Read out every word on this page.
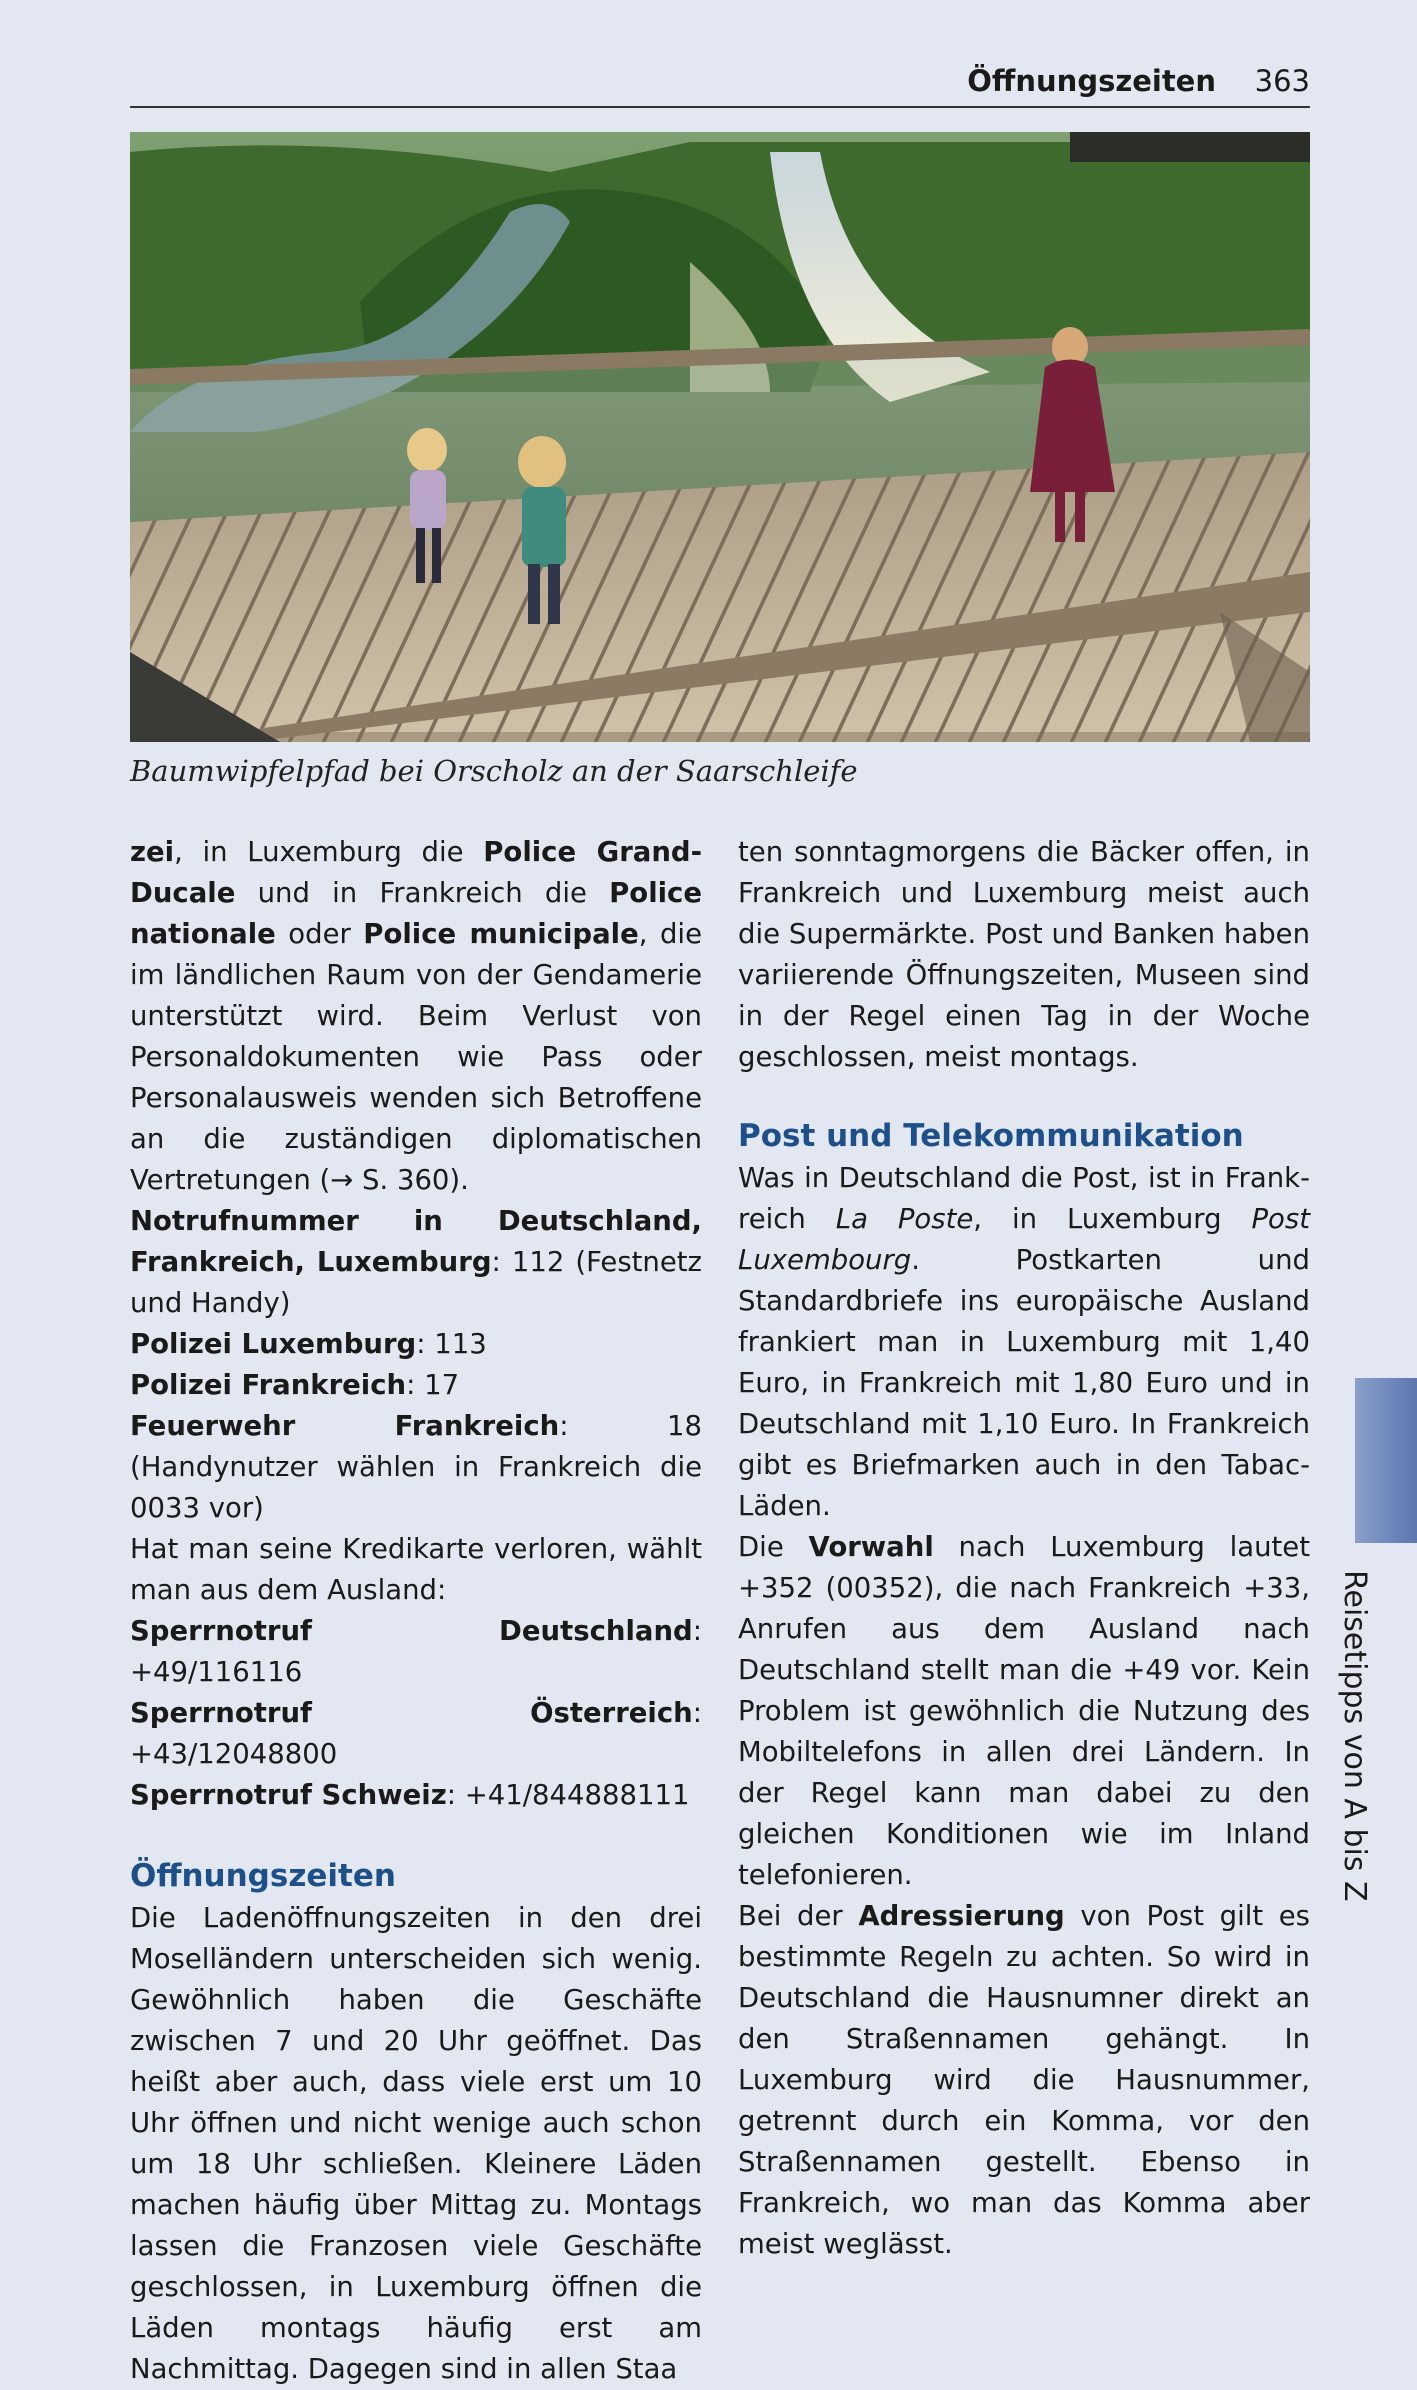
Öffnungszeiten 363
Baumwipfelpfad bei Orscholz an der Saarschleife

zei, in Luxemburg die Police Grand-Ducale und in Frankreich die Police nationale oder Police municipale, die im ländlichen Raum von der Gendamerie unterstützt wird. Beim Verlust von Personaldokumenten wie Pass oder Personalausweis wenden sich Betroffene an die zuständigen diplomatischen Vertretungen (→ S. 360).

Notrufnummer in Deutschland, Frankreich, Luxemburg: 112 (Festnetz und Handy)

Polizei Luxemburg: 113

Polizei Frankreich: 17

Feuerwehr Frankreich: 18 (Handynutzer wählen in Frankreich die 0033 vor)

Hat man seine Kredikarte verloren, wählt man aus dem Ausland:

Sperrnotruf Deutschland: +49/116116

Sperrnotruf Österreich: +43/12048800

Sperrnotruf Schweiz: +41/844888111

Öffnungszeiten

Die Ladenöffnungszeiten in den drei Moselländern unterscheiden sich wenig. Gewöhnlich haben die Geschäfte zwischen 7 und 20 Uhr geöffnet. Das heißt aber auch, dass viele erst um 10 Uhr öffnen und nicht wenige auch schon um 18 Uhr schließen. Kleinere Läden machen häufig über Mittag zu. Montags lassen die Franzosen viele Geschäfte geschlossen, in Luxemburg öffnen die Läden montags häufig erst am Nachmittag. Dagegen sind in allen Staa

ten sonntagmorgens die Bäcker offen, in Frankreich und Luxemburg meist auch die Supermärkte. Post und Banken haben variierende Öffnungszeiten, Museen sind in der Regel einen Tag in der Woche geschlossen, meist montags.

Post und Telekommunikation

Was in Deutschland die Post, ist in Frankreich La Poste, in Luxemburg Post Luxembourg. Postkarten und Standardbriefe ins europäische Ausland frankiert man in Luxemburg mit 1,40 Euro, in Frankreich mit 1,80 Euro und in Deutschland mit 1,10 Euro. In Frankreich gibt es Briefmarken auch in den Tabac-Läden.

Die Vorwahl nach Luxemburg lautet +352 (00352), die nach Frankreich +33, Anrufen aus dem Ausland nach Deutschland stellt man die +49 vor. Kein Problem ist gewöhnlich die Nutzung des Mobiltelefons in allen drei Ländern. In der Regel kann man dabei zu den gleichen Konditionen wie im Inland telefonieren.

Bei der Adressierung von Post gilt es bestimmte Regeln zu achten. So wird in Deutschland die Hausnumner direkt an den Straßennamen gehängt. In Luxemburg wird die Hausnummer, getrennt durch ein Komma, vor den Straßennamen gestellt. Ebenso in Frankreich, wo man das Komma aber meist weglässt.

Reisetipps von A bis Z
